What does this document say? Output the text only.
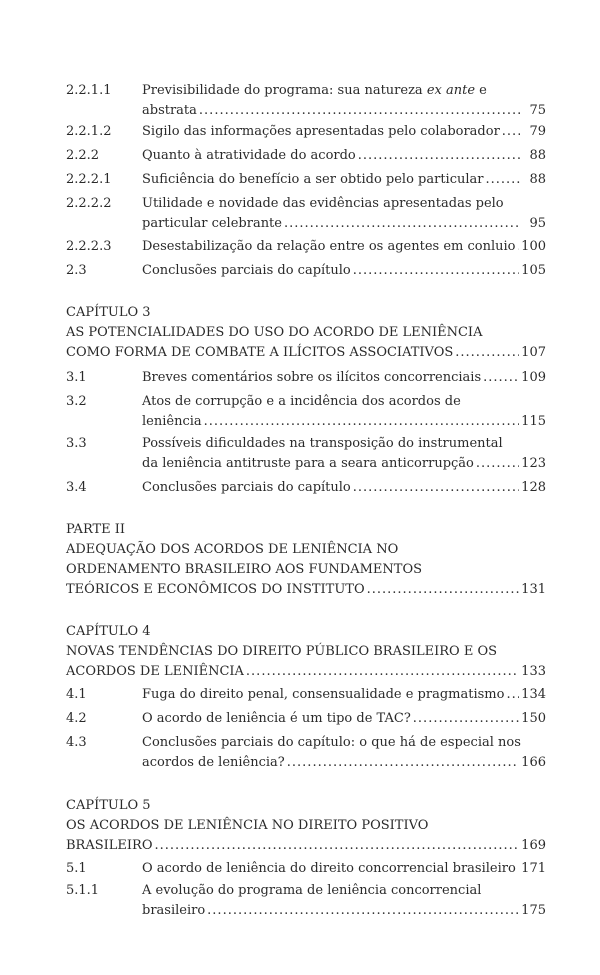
2.2.1.1 Previsibilidade do programa: sua natureza ex ante e
abstrata .....	75
2.2.1.2 Sigilo das informações apresentadas pelo colaborador .....	79
2.2.2	Quanto à atratividade do acordo .....	88
2.2.2.1 Suficiência do benefício a ser obtido pelo particular .....	88
2.2.2.2 Utilidade e novidade das evidências apresentadas pelo
particular celebrante .....	95
2.2.2.3 Desestabilização da relação entre os agentes em conluio ..... 100
2.3	Conclusões parciais do capítulo .....	105
CAPÍTULO 3
AS POTENCIALIDADES DO USO DO ACORDO DE LENIÊNCIA
COMO FORMA DE COMBATE A ILÍCITOS ASSOCIATIVOS .....	107
3.1	Breves comentários sobre os ilícitos concorrenciais .....	109
3.2	Atos de corrupção e a incidência dos acordos de
leniência .....	115
3.3	Possíveis dificuldades na transposição do instrumental
da leniência antitruste para a seara anticorrupção .....	123
3.4	Conclusões parciais do capítulo .....	128
PARTE II
ADEQUAÇÃO DOS ACORDOS DE LENIÊNCIA NO
ORDENAMENTO BRASILEIRO AOS FUNDAMENTOS
TEÓRICOS E ECONÔMICOS DO INSTITUTO .....	131
CAPÍTULO 4
NOVAS TENDÊNCIAS DO DIREITO PÚBLICO BRASILEIRO E OS
ACORDOS DE LENIÊNCIA .....	133
4.1	Fuga do direito penal, consensualidade e pragmatismo ..... 134
4.2	O acordo de leniência é um tipo de TAC? .....	150
4.3	Conclusões parciais do capítulo: o que há de especial nos
acordos de leniência? .....	166
CAPÍTULO 5
OS ACORDOS DE LENIÊNCIA NO DIREITO POSITIVO
BRASILEIRO .....	169
5.1	O acordo de leniência do direito concorrencial brasileiro ..... 171
5.1.1	A evolução do programa de leniência concorrencial
brasileiro .....	175
